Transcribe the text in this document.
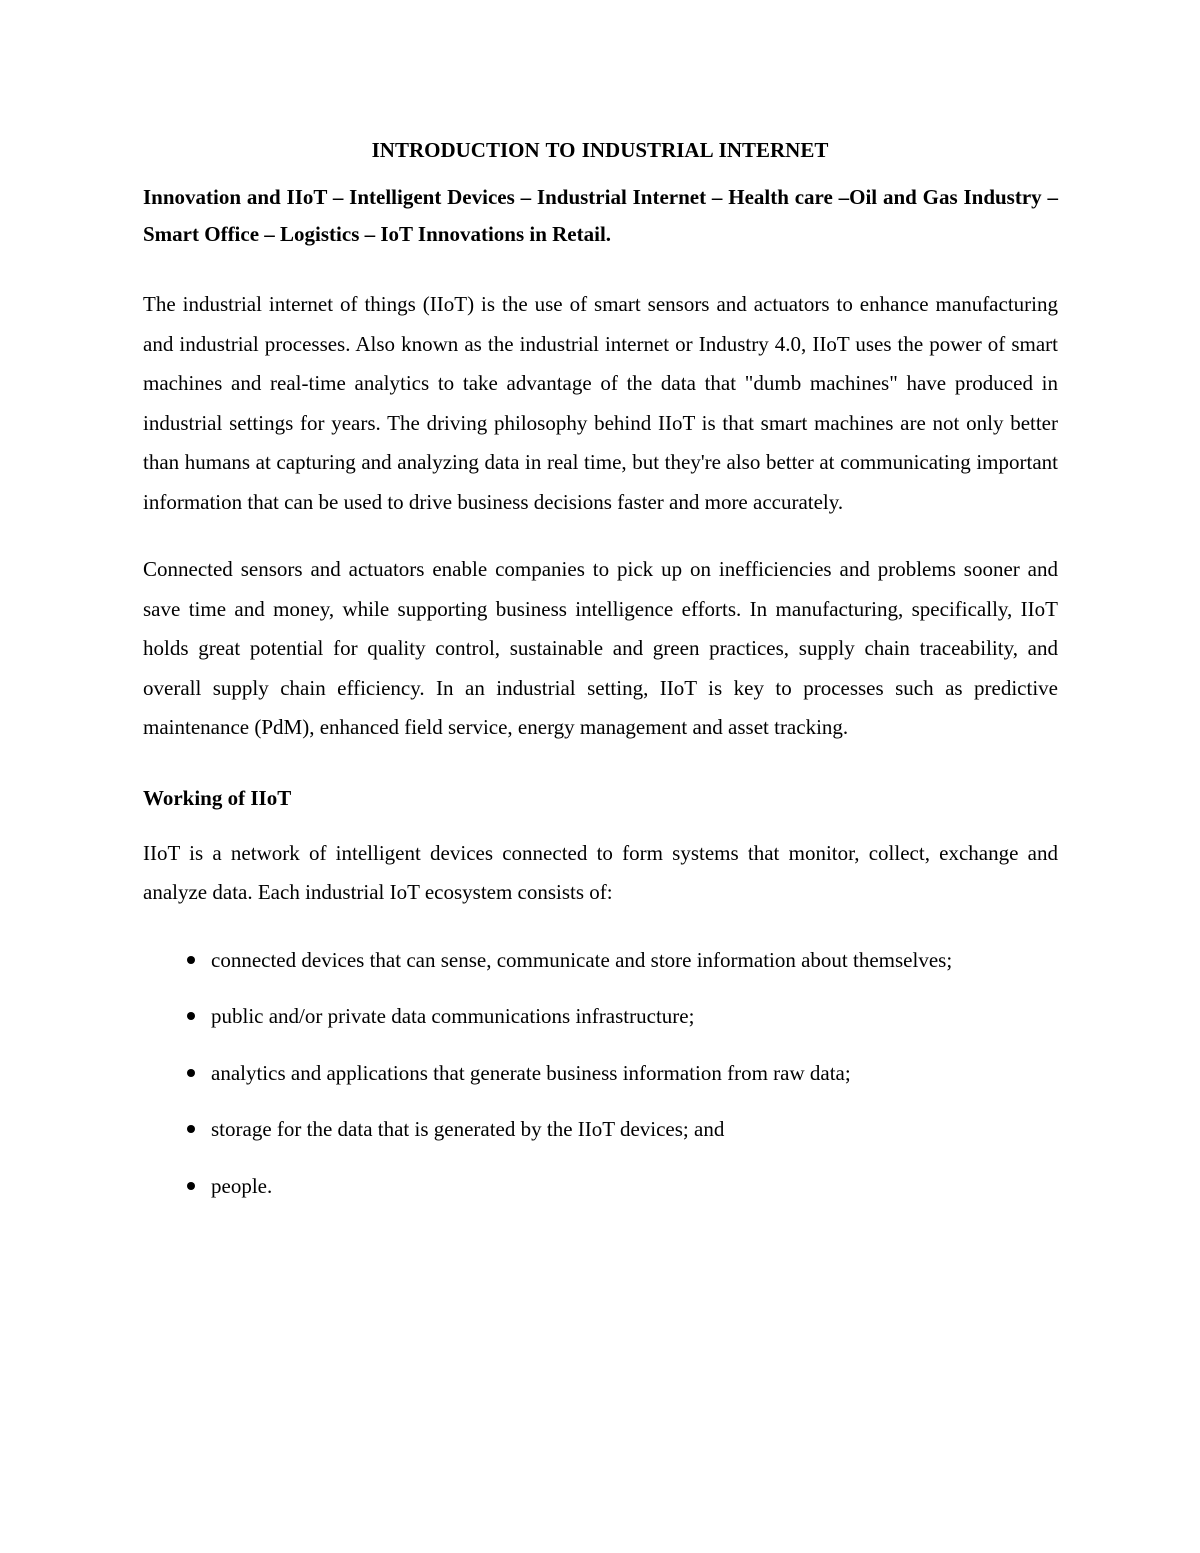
INTRODUCTION TO INDUSTRIAL INTERNET

Innovation and IIoT – Intelligent Devices – Industrial Internet – Health care –Oil and Gas Industry – Smart Office – Logistics – IoT Innovations in Retail.

The industrial internet of things (IIoT) is the use of smart sensors and actuators to enhance manufacturing and industrial processes. Also known as the industrial internet or Industry 4.0, IIoT uses the power of smart machines and real-time analytics to take advantage of the data that "dumb machines" have produced in industrial settings for years. The driving philosophy behind IIoT is that smart machines are not only better than humans at capturing and analyzing data in real time, but they're also better at communicating important information that can be used to drive business decisions faster and more accurately.

Connected sensors and actuators enable companies to pick up on inefficiencies and problems sooner and save time and money, while supporting business intelligence efforts. In manufacturing, specifically, IIoT holds great potential for quality control, sustainable and green practices, supply chain traceability, and overall supply chain efficiency. In an industrial setting, IIoT is key to processes such as predictive maintenance (PdM), enhanced field service, energy management and asset tracking.

Working of IIoT

IIoT is a network of intelligent devices connected to form systems that monitor, collect, exchange and analyze data. Each industrial IoT ecosystem consists of:

connected devices that can sense, communicate and store information about themselves;
public and/or private data communications infrastructure;
analytics and applications that generate business information from raw data;
storage for the data that is generated by the IIoT devices; and
people.
